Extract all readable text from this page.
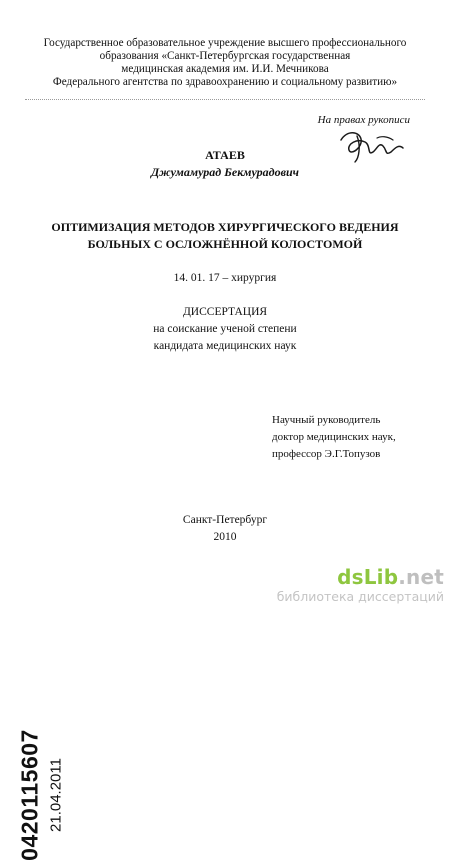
Государственное образовательное учреждение высшего профессионального
образования «Санкт-Петербургская государственная
медицинская академия им. И.И. Мечникова
Федерального агентства по здравоохранению и социальному развитию»
На правах рукописи
АТАЕВ
Джумамурад Бекмурадович
ОПТИМИЗАЦИЯ МЕТОДОВ ХИРУРГИЧЕСКОГО ВЕДЕНИЯ
БОЛЬНЫХ С ОСЛОЖНЁННОЙ КОЛОСТОМОЙ
14. 01. 17 – хирургия
ДИССЕРТАЦИЯ
на соискание ученой степени
кандидата медицинских наук
Научный руководитель
доктор медицинских наук,
профессор Э.Г.Топузов
Санкт-Петербург
2010
0420115607 21.04.2011
dsLib.net
библиотека диссертаций
